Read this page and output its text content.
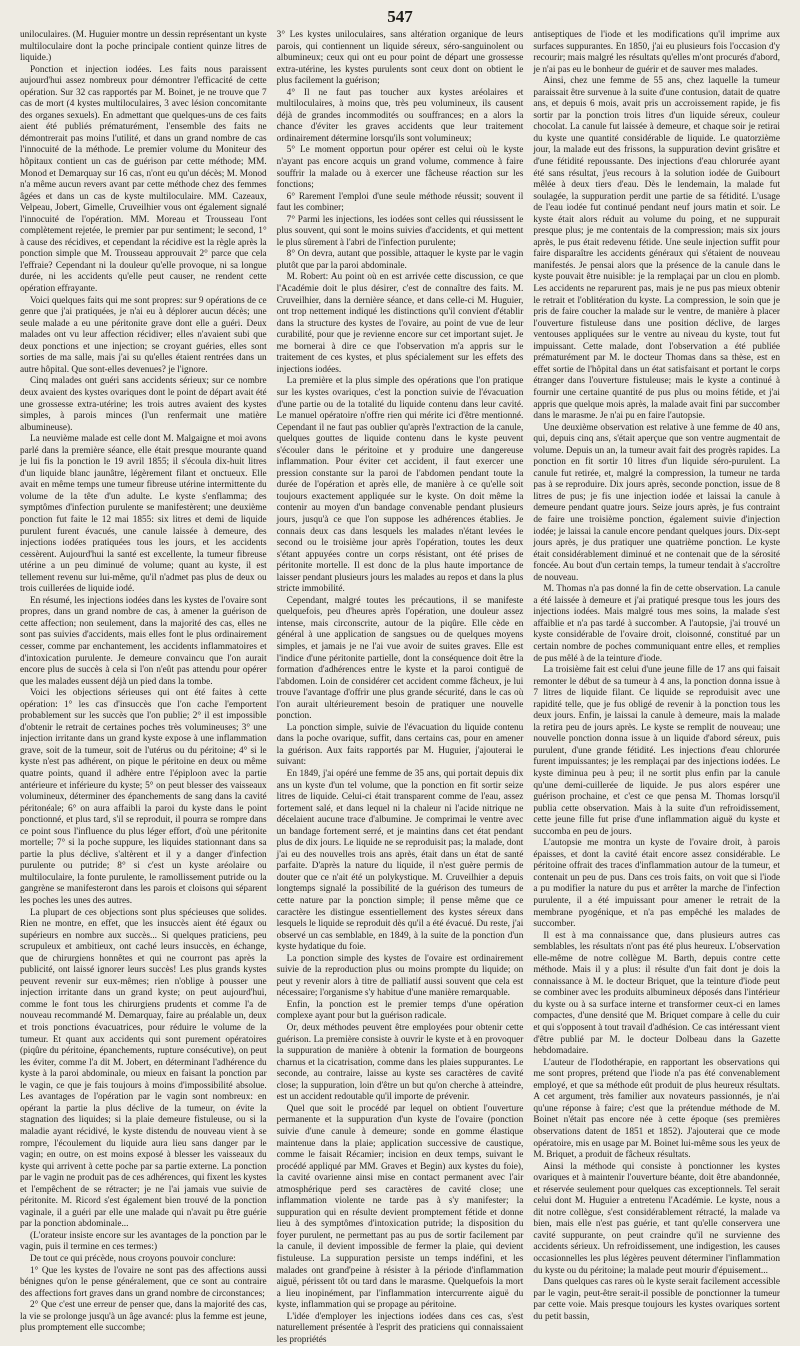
547

uniloculaires. (M. Huguier montre un dessin représentant un kyste multiloculaire dont la poche principale contient quinze litres de liquide.)

Ponction et injection iodées. Les faits nous paraissent aujourd'hui assez nombreux pour démontrer l'efficacité de cette opération. Sur 32 cas rapportés par M. Boinet, je ne trouve que 7 cas de mort (4 kystes multiloculaires, 3 avec lésion concomitante des organes sexuels). En admettant que quelques-uns de ces faits aient été publiés prématurément, l'ensemble des faits ne démontrerait pas moins l'utilité, et dans un grand nombre de cas l'innocuité de la méthode. Le premier volume du Moniteur des hôpitaux contient un cas de guérison par cette méthode; MM. Monod et Demarquay sur 16 cas, n'ont eu qu'un décès; M. Monod n'a même aucun revers avant par cette méthode chez des femmes âgées et dans un cas de kyste multiloculaire. MM. Cazeaux, Velpeau, Jobert, Gimelle, Cruveilhier vous ont également signalé l'innocuité de l'opération. MM. Moreau et Trousseau l'ont complètement rejetée, le premier par pur sentiment; le second, 1° à cause des récidives, et cependant la récidive est la règle après la ponction simple que M. Trousseau approuvait 2° parce que cela l'effraie? Cependant ni la douleur qu'elle provoque, ni sa longue durée, ni les accidents qu'elle peut causer, ne rendent cette opération effrayante.

Voici quelques faits qui me sont propres: sur 9 opérations de ce genre que j'ai pratiquées, je n'ai eu à déplorer aucun décès; une seule malade a eu une péritonite grave dont elle a guéri. Deux malades ont vu leur affection récidiver; elles n'avaient subi que deux ponctions et une injection; se croyant guéries, elles sont sorties de ma salle, mais j'ai su qu'elles étaient rentrées dans un autre hôpital. Que sont-elles devenues? je l'ignore.

Cinq malades ont guéri sans accidents sérieux; sur ce nombre deux avaient des kystes ovariques dont le point de départ avait été une grossesse extra-utérine; les trois autres avaient des kystes simples, à parois minces (l'un renfermait une matière albumineuse).

La neuvième malade est celle dont M. Malgaigne et moi avons parlé dans la première séance, elle était presque mourante quand je lui fis la ponction le 19 avril 1855; il s'écoula dix-huit litres d'un liquide blanc jaunâtre, légèrement filant et onctueux. Elle avait en même temps une tumeur fibreuse utérine intermittente du volume de la tête d'un adulte. Le kyste s'enflamma; des symptômes d'infection purulente se manifestèrent; une deuxième ponction fut faite le 12 mai 1855: six litres et demi de liquide purulent furent évacués, une canule laissée à demeure, des injections iodées pratiquées tous les jours, et les accidents cessèrent. Aujourd'hui la santé est excellente, la tumeur fibreuse utérine a un peu diminué de volume; quant au kyste, il est tellement revenu sur lui-même, qu'il n'admet pas plus de deux ou trois cuillerées de liquide iodé.

En résumé, les injections iodées dans les kystes de l'ovaire sont propres, dans un grand nombre de cas, à amener la guérison de cette affection; non seulement, dans la majorité des cas, elles ne sont pas suivies d'accidents, mais elles font le plus ordinairement cesser, comme par enchantement, les accidents inflammatoires et d'intoxication purulente. Je demeure convaincu que l'on aurait encore plus de succès à cela si l'on n'eût pas attendu pour opérer que les malades eussent déjà un pied dans la tombe.

Voici les objections sérieuses qui ont été faites à cette opération: 1° les cas d'insuccès que l'on cache l'emportent probablement sur les succès que l'on publie; 2° il est impossible d'obtenir le retrait de certaines poches très volumineuses; 3° une injection irritante dans un grand kyste expose à une inflammation grave, soit de la tumeur, soit de l'utérus ou du péritoine; 4° si le kyste n'est pas adhérent, on pique le péritoine en deux ou même quatre points, quand il adhère entre l'épiploon avec la partie antérieure et inférieure du kyste; 5° on peut blesser des vaisseaux volumineux, déterminer des épanchements de sang dans la cavité péritonéale; 6° on aura affaibli la paroi du kyste dans le point ponctionné, et plus tard, s'il se reproduit, il pourra se rompre dans ce point sous l'influence du plus léger effort, d'où une péritonite mortelle; 7° si la poche suppure, les liquides stationnant dans sa partie la plus déclive, s'altèrent et il y a danger d'infection purulente ou putride; 8° si c'est un kyste aréolaire ou multiloculaire, la fonte purulente, le ramollissement putride ou la gangrène se manifesteront dans les parois et cloisons qui séparent les poches les unes des autres.

La plupart de ces objections sont plus spécieuses que solides. Rien ne montre, en effet, que les insuccès aient été égaux ou supérieurs en nombre aux succès... Si quelques praticiens, peu scrupuleux et ambitieux, ont caché leurs insuccès, en échange, que de chirurgiens honnêtes et qui ne courront pas après la publicité, ont laissé ignorer leurs succès! Les plus grands kystes peuvent revenir sur eux-mêmes; rien n'oblige à pousser une injection irritante dans un grand kyste; on peut aujourd'hui, comme le font tous les chirurgiens prudents et comme l'a de nouveau recommandé M. Demarquay, faire au préalable un, deux et trois ponctions évacuatrices, pour réduire le volume de la tumeur. Et quant aux accidents qui sont purement opératoires (piqûre du péritoine, épanchements, rupture consécutive), on peut les éviter, comme l'a dit M. Jobert, en déterminant l'adhérence du kyste à la paroi abdominale, ou mieux en faisant la ponction par le vagin, ce que je fais toujours à moins d'impossibilité absolue. Les avantages de l'opération par le vagin sont nombreux: en opérant la partie la plus déclive de la tumeur, on évite la stagnation des liquides; si la plaie demeure fistuleuse, ou si la maladie ayant récidivé, le kyste distendu de nouveau vient à se rompre, l'écoulement du liquide aura lieu sans danger par le vagin; en outre, on est moins exposé à blesser les vaisseaux du kyste qui arrivent à cette poche par sa partie externe. La ponction par le vagin ne produit pas de ces adhérences, qui fixent les kystes et l'empêchent de se rétracter; je ne l'ai jamais vue suivie de péritonite. M. Ricord s'est également bien trouvé de la ponction vaginale, il a guéri par elle une malade qui n'avait pu être guérie par la ponction abdominale...

(L'orateur insiste encore sur les avantages de la ponction par le vagin, puis il termine en ces termes:)

De tout ce qui précède, nous croyons pouvoir conclure:

1° Que les kystes de l'ovaire ne sont pas des affections aussi bénignes qu'on le pense généralement, que ce sont au contraire des affections fort graves dans un grand nombre de circonstances;

2° Que c'est une erreur de penser que, dans la majorité des cas, la vie se prolonge jusqu'à un âge avancé: plus la femme est jeune, plus promptement elle succombe;

3° Les kystes uniloculaires, sans altération organique de leurs parois, qui contiennent un liquide séreux, séro-sanguinolent ou albumineux; ceux qui ont eu pour point de départ une grossesse extra-utérine, les kystes purulents sont ceux dont on obtient le plus facilement la guérison;

4° Il ne faut pas toucher aux kystes aréolaires et multiloculaires, à moins que, très peu volumineux, ils causent déjà de grandes incommodités ou souffrances; en a alors la chance d'éviter les graves accidents que leur traitement ordinairement détermine lorsqu'ils sont volumineux;

5° Le moment opportun pour opérer est celui où le kyste n'ayant pas encore acquis un grand volume, commence à faire souffrir la malade ou à exercer une fâcheuse réaction sur les fonctions;

6° Rarement l'emploi d'une seule méthode réussit; souvent il faut les combiner;

7° Parmi les injections, les iodées sont celles qui réussissent le plus souvent, qui sont le moins suivies d'accidents, et qui mettent le plus sûrement à l'abri de l'infection purulente;

8° On devra, autant que possible, attaquer le kyste par le vagin plutôt que par la paroi abdominale.

M. Robert: Au point où en est arrivée cette discussion, ce que l'Académie doit le plus désirer, c'est de connaître des faits. M. Cruveilhier, dans la dernière séance, et dans celle-ci M. Huguier, ont trop nettement indiqué les distinctions qu'il convient d'établir dans la structure des kystes de l'ovaire, au point de vue de leur curabilité, pour que je revienne encore sur cet important sujet. Je me bornerai à dire ce que l'observation m'a appris sur le traitement de ces kystes, et plus spécialement sur les effets des injections iodées.

La première et la plus simple des opérations que l'on pratique sur les kystes ovariques, c'est la ponction suivie de l'évacuation d'une partie ou de la totalité du liquide contenu dans leur cavité. Le manuel opératoire n'offre rien qui mérite ici d'être mentionné. Cependant il ne faut pas oublier qu'après l'extraction de la canule, quelques gouttes de liquide contenu dans le kyste peuvent s'écouler dans le péritoine et y produire une dangereuse inflammation. Pour éviter cet accident, il faut exercer une pression constante sur la paroi de l'abdomen pendant toute la durée de l'opération et après elle, de manière à ce qu'elle soit toujours exactement appliquée sur le kyste. On doit même la contenir au moyen d'un bandage convenable pendant plusieurs jours, jusqu'à ce que l'on suppose les adhérences établies. Je connais deux cas dans lesquels les malades n'étant levées le second ou le troisième jour après l'opération, toutes les deux s'étant appuyées contre un corps résistant, ont été prises de péritonite mortelle. Il est donc de la plus haute importance de laisser pendant plusieurs jours les malades au repos et dans la plus stricte immobilité.

Cependant, malgré toutes les précautions, il se manifeste quelquefois, peu d'heures après l'opération, une douleur assez intense, mais circonscrite, autour de la piqûre. Elle cède en général à une application de sangsues ou de quelques moyens simples, et jamais je ne l'ai vue avoir de suites graves. Elle est l'indice d'une péritonite partielle, dont la conséquence doit être la formation d'adhérences entre le kyste et la paroi contiguë de l'abdomen. Loin de considérer cet accident comme fâcheux, je lui trouve l'avantage d'offrir une plus grande sécurité, dans le cas où l'on aurait ultérieurement besoin de pratiquer une nouvelle ponction.

La ponction simple, suivie de l'évacuation du liquide contenu dans la poche ovarique, suffit, dans certains cas, pour en amener la guérison. Aux faits rapportés par M. Huguier, j'ajouterai le suivant:

En 1849, j'ai opéré une femme de 35 ans, qui portait depuis dix ans un kyste d'un tel volume, que la ponction en fit sortir seize litres de liquide. Celui-ci était transparent comme de l'eau, assez fortement salé, et dans lequel ni la chaleur ni l'acide nitrique ne décelaient aucune trace d'albumine. Je comprimai le ventre avec un bandage fortement serré, et je maintins dans cet état pendant plus de dix jours. Le liquide ne se reproduisit pas; la malade, dont j'ai eu des nouvelles trois ans après, était dans un état de santé parfaite. D'après la nature du liquide, il n'est guère permis de douter que ce n'ait été un polykystique. M. Cruveilhier a depuis longtemps signalé la possibilité de la guérison des tumeurs de cette nature par la ponction simple; il pense même que ce caractère les distingue essentiellement des kystes séreux dans lesquels le liquide se reproduit dès qu'il a été évacué. Du reste, j'ai observé un cas semblable, en 1849, à la suite de la ponction d'un kyste hydatique du foie.

La ponction simple des kystes de l'ovaire est ordinairement suivie de la reproduction plus ou moins prompte du liquide; on peut y revenir alors à titre de palliatif aussi souvent que cela est nécessaire; l'organisme s'y habitue d'une manière remarquable.

Enfin, la ponction est le premier temps d'une opération complexe ayant pour but la guérison radicale.

Or, deux méthodes peuvent être employées pour obtenir cette guérison. La première consiste à ouvrir le kyste et à en provoquer la suppuration de manière à obtenir la formation de bourgeons charnus et la cicatrisation, comme dans les plaies suppurantes. Le seconde, au contraire, laisse au kyste ses caractères de cavité close; la suppuration, loin d'être un but qu'on cherche à atteindre, est un accident redoutable qu'il importe de prévenir.

Quel que soit le procédé par lequel on obtient l'ouverture permanente et la suppuration d'un kyste de l'ovaire (ponction suivie d'une canule à demeure; sonde en gomme élastique maintenue dans la plaie; application successive de caustique, comme le faisait Récamier; incision en deux temps, suivant le procédé appliqué par MM. Graves et Begin) aux kystes du foie), la cavité ovarienne ainsi mise en contact permanent avec l'air atmosphérique perd ses caractères de cavité close; une inflammation violente ne tarde pas à s'y manifester; la suppuration qui en résulte devient promptement fétide et donne lieu à des symptômes d'intoxication putride; la disposition du foyer purulent, ne permettant pas au pus de sortir facilement par la canule, il devient impossible de fermer la plaie, qui devient fistuleuse. La suppuration persiste un temps indéfini, et les malades ont grand'peine à résister à la période d'inflammation aiguë, périssent tôt ou tard dans le marasme. Quelquefois la mort a lieu inopinément, par l'inflammation intercurrente aiguë du kyste, inflammation qui se propage au péritoine.

L'idée d'employer les injections iodées dans ces cas, s'est naturellement présentée à l'esprit des praticiens qui connaissaient les propriétés

antiseptiques de l'iode et les modifications qu'il imprime aux surfaces suppurantes. En 1850, j'ai eu plusieurs fois l'occasion d'y recourir; mais malgré les résultats qu'elles m'ont procurés d'abord, je n'ai pas eu le bonheur de guérir et de sauver mes malades.

Ainsi, chez une femme de 55 ans, chez laquelle la tumeur paraissait être survenue à la suite d'une contusion, datait de quatre ans, et depuis 6 mois, avait pris un accroissement rapide, je fis sortir par la ponction trois litres d'un liquide séreux, couleur chocolat. La canule fut laissée à demeure, et chaque soir je retirai du kyste une quantité considérable de liquide. Le quatorzième jour, la malade eut des frissons, la suppuration devint grisâtre et d'une fétidité repoussante. Des injections d'eau chlorurée ayant été sans résultat, j'eus recours à la solution iodée de Guibourt mêlée à deux tiers d'eau. Dès le lendemain, la malade fut soulagée, la suppuration perdit une partie de sa fétidité. L'usage de l'eau iodée fut continué pendant neuf jours matin et soir. Le kyste était alors réduit au volume du poing, et ne suppurait presque plus; je me contentais de la compression; mais six jours après, le pus était redevenu fétide. Une seule injection suffit pour faire disparaître les accidents généraux qui s'étaient de nouveau manifestés. Je pensai alors que la présence de la canule dans le kyste pouvait être nuisible: je la remplaçai par un clou en plomb. Les accidents ne reparurent pas, mais je ne pus pas mieux obtenir le retrait et l'oblitération du kyste. La compression, le soin que je pris de faire coucher la malade sur le ventre, de manière à placer l'ouverture fistuleuse dans une position déclive, de larges ventouses appliquées sur le ventre au niveau du kyste, tout fut impuissant. Cette malade, dont l'observation a été publiée prématurément par M. le docteur Thomas dans sa thèse, est en effet sortie de l'hôpital dans un état satisfaisant et portant le corps étranger dans l'ouverture fistuleuse; mais le kyste a continué à fournir une certaine quantité de pus plus ou moins fétide, et j'ai appris que quelque mois après, la malade avait fini par succomber dans le marasme. Je n'ai pu en faire l'autopsie.

Une deuxième observation est relative à une femme de 40 ans, qui, depuis cinq ans, s'était aperçue que son ventre augmentait de volume. Depuis un an, la tumeur avait fait des progrès rapides. La ponction en fit sortir 10 litres d'un liquide séro-purulent. La canule fut retirée, et, malgré la compression, la tumeur ne tarda pas à se reproduire. Dix jours après, seconde ponction, issue de 8 litres de pus; je fis une injection iodée et laissai la canule à demeure pendant quatre jours. Seize jours après, je fus contraint de faire une troisième ponction, également suivie d'injection iodée; je laissai la canule encore pendant quelques jours. Dix-sept jours après, je dus pratiquer une quatrième ponction. Le kyste était considérablement diminué et ne contenait que de la sérosité foncée. Au bout d'un certain temps, la tumeur tendait à s'accroître de nouveau.

M. Thomas n'a pas donné la fin de cette observation. La canule a été laissée à demeure et j'ai pratiqué presque tous les jours des injections iodées. Mais malgré tous mes soins, la malade s'est affaiblie et n'a pas tardé à succomber. A l'autopsie, j'ai trouvé un kyste considérable de l'ovaire droit, cloisonné, constitué par un certain nombre de poches communiquant entre elles, et remplies de pus mêlé à de la teinture d'iode.

La troisième fait est celui d'une jeune fille de 17 ans qui faisait remonter le début de sa tumeur à 4 ans, la ponction donna issue à 7 litres de liquide filant. Ce liquide se reproduisit avec une rapidité telle, que je fus obligé de revenir à la ponction tous les deux jours. Enfin, je laissai la canule à demeure, mais la malade la retira peu de jours après. Le kyste se remplit de nouveau; une nouvelle ponction donna issue à un liquide d'abord séreux, puis purulent, d'une grande fétidité. Les injections d'eau chlorurée furent impuissantes; je les remplaçai par des injections iodées. Le kyste diminua peu à peu; il ne sortit plus enfin par la canule qu'une demi-cuillerée de liquide. Je pus alors espérer une guérison prochaine, et c'est ce que pensa M. Thomas lorsqu'il publia cette observation. Mais à la suite d'un refroidissement, cette jeune fille fut prise d'une inflammation aiguë du kyste et succomba en peu de jours.

L'autopsie me montra un kyste de l'ovaire droit, à parois épaisses, et dont la cavité était encore assez considérable. Le péritoine offrait des traces d'inflammation autour de la tumeur, et contenait un peu de pus. Dans ces trois faits, on voit que si l'iode a pu modifier la nature du pus et arrêter la marche de l'infection purulente, il a été impuissant pour amener le retrait de la membrane pyogénique, et n'a pas empêché les malades de succomber.

Il est à ma connaissance que, dans plusieurs autres cas semblables, les résultats n'ont pas été plus heureux. L'observation elle-même de notre collègue M. Barth, depuis contre cette méthode. Mais il y a plus: il résulte d'un fait dont je dois la connaissance à M. le docteur Briquet, que la teinture d'iode peut se combiner avec les produits albumineux déposés dans l'intérieur du kyste ou à sa surface interne et transformer ceux-ci en lames compactes, d'une densité que M. Briquet compare à celle du cuir et qui s'opposent à tout travail d'adhésion. Ce cas intéressant vient d'être publié par M. le docteur Dolbeau dans la Gazette hebdomadaire.

L'auteur de l'Iodothérapie, en rapportant les observations qui me sont propres, prétend que l'iode n'a pas été convenablement employé, et que sa méthode eût produit de plus heureux résultats. A cet argument, très familier aux novateurs passionnés, je n'ai qu'une réponse à faire; c'est que la prétendue méthode de M. Boinet n'était pas encore née à cette époque (ses premières observations datent de 1851 et 1852). J'ajouterai que ce mode opératoire, mis en usage par M. Boinet lui-même sous les yeux de M. Briquet, a produit de fâcheux résultats.

Ainsi la méthode qui consiste à ponctionner les kystes ovariques et à maintenir l'ouverture béante, doit être abandonnée, et réservée seulement pour quelques cas exceptionnels. Tel serait celui dont M. Huguier a entretenu l'Académie. Le kyste, nous a dit notre collègue, s'est considérablement rétracté, la malade va bien, mais elle n'est pas guérie, et tant qu'elle conservera une cavité suppurante, on peut craindre qu'il ne survienne des accidents sérieux. Un refroidissement, une indigestion, les causes occasionnelles les plus légères peuvent déterminer l'inflammation du kyste ou du péritoine; la malade peut mourir d'épuisement...

Dans quelques cas rares où le kyste serait facilement accessible par le vagin, peut-être serait-il possible de ponctionner la tumeur par cette voie. Mais presque toujours les kystes ovariques sortent du petit bassin,
